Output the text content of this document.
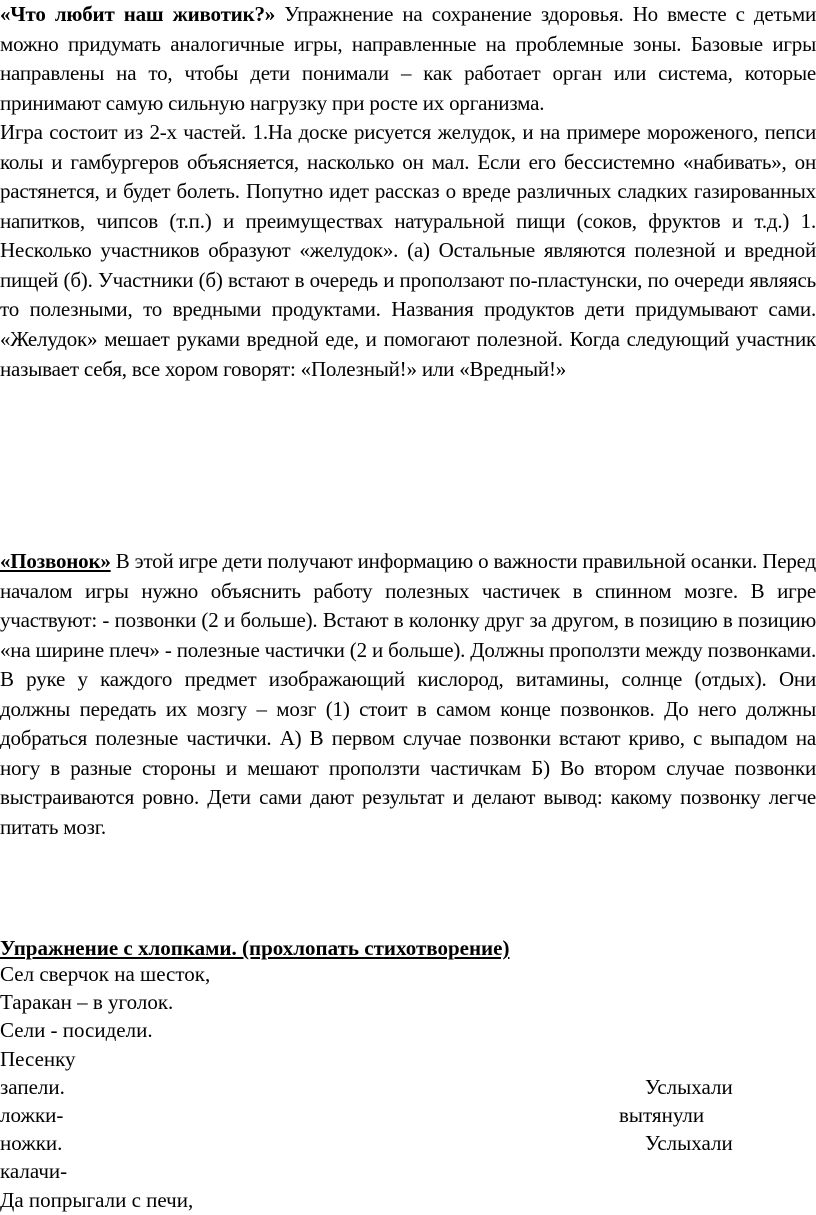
«Что любит наш животик?» Упражнение на сохранение здоровья. Но вместе с детьми можно придумать аналогичные игры, направленные на проблемные зоны. Базовые игры направлены на то, чтобы дети понимали – как работает орган или система, которые принимают самую сильную нагрузку при росте их организма.
Игра состоит из 2-х частей. 1.На доске рисуется желудок, и на примере мороженого, пепси колы и гамбургеров объясняется, насколько он мал. Если его бессистемно «набивать», он растянется, и будет болеть. Попутно идет рассказ о вреде различных сладких газированных напитков, чипсов (т.п.) и преимуществах натуральной пищи (соков, фруктов и т.д.) 1. Несколько участников образуют «желудок». (а) Остальные являются полезной и вредной пищей (б). Участники (б) встают в очередь и проползают по-пластунски, по очереди являясь то полезными, то вредными продуктами. Названия продуктов дети придумывают сами. «Желудок» мешает руками вредной еде, и помогают полезной. Когда следующий участник называет себя, все хором говорят: «Полезный!» или «Вредный!»

«Позвонок» В этой игре дети получают информацию о важности правильной осанки. Перед началом игры нужно объяснить работу полезных частичек в спинном мозге. В игре участвуют: - позвонки (2 и больше). Встают в колонку друг за другом, в позицию в позицию «на ширине плеч» - полезные частички (2 и больше). Должны проползти между позвонками. В руке у каждого предмет изображающий кислород, витамины, солнце (отдых). Они должны передать их мозгу – мозг (1) стоит в самом конце позвонков. До него должны добраться полезные частички. А) В первом случае позвонки встают криво, с выпадом на ногу в разные стороны и мешают проползти частичкам Б) Во втором случае позвонки выстраиваются ровно. Дети сами дают результат и делают вывод: какому позвонку легче питать мозг.

Упражнение с хлопками. (прохлопать стихотворение)

Сел сверчок на шесток,

Таракан – в уголок.

Сели - посидели.

Песенку

запели.	Услыхали

ложки-	вытянули

ножки.	Услыхали

калачи-

Да попрыгали с печи,
